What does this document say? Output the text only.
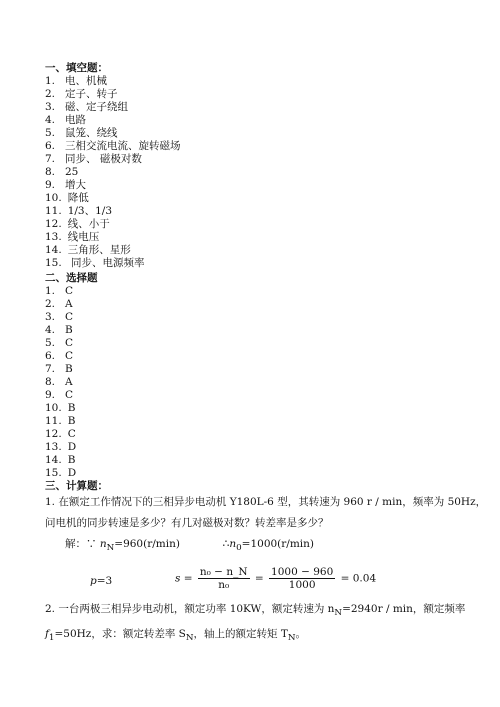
一、填空题：
1. 电、机械
2. 定子、转子
3. 磁、定子绕组
4. 电路
5. 鼠笼、绕线
6. 三相交流电流、旋转磁场
7. 同步、 磁极对数
8. 25
9. 增大
10. 降低
11. 1/3、1/3
12. 线、小于
13. 线电压
14. 三角形、星形
15. 同步、电源频率
二、选择题
1. C
2. A
3. C
4. B
5. C
6. C
7. B
8. A
9. C
10. B
11. B
12. C
13. D
14. B
15. D
三、计算题：
1. 在额定工作情况下的三相异步电动机 Y180L-6 型，其转速为 960 r / min，频率为 50Hz，
问电机的同步转速是多少？有几对磁极对数？转差率是多少？
解：∵ $n_N=960(r/\min)$	$\therefore n_0=1000(r/\min)$
p=3	$s = \frac{\text{n₀ − n\_N}}{\text{n₀}} = \frac{1000 - 960}{1000} = 0.04$
2. 一台两极三相异步电动机，额定功率 10KW，额定转速为 $n_N=2940r / \min$，额定频率
$f_1=50Hz$，求：额定转差率 $S_N$，轴上的额定转矩 $T_N$。
